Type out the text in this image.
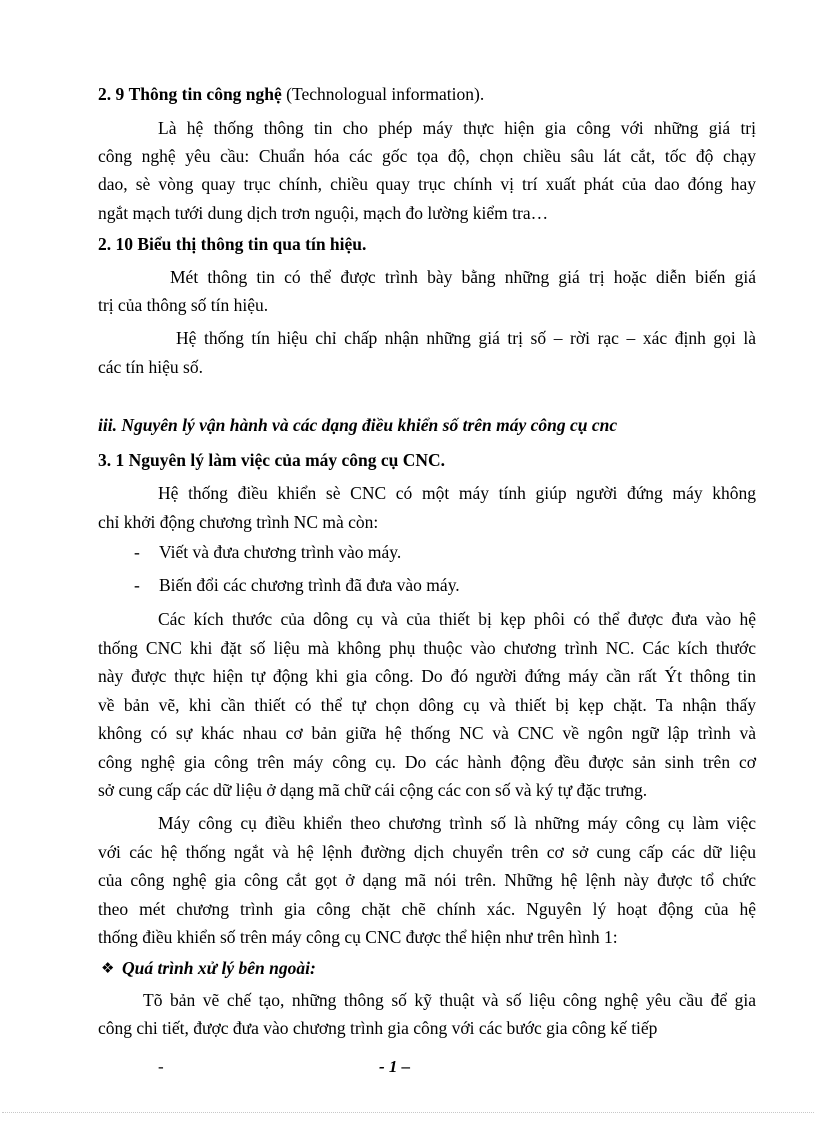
2. 9 Thông tin công nghệ (Technologual information).
Là hệ thống thông tin cho phép máy thực hiện gia công với những giá trị
công nghệ yêu cầu: Chuẩn hóa các gốc tọa độ, chọn chiều sâu lát cắt, tốc độ chạy
dao, sè vòng quay trục chính, chiều quay trục chính vị trí xuất phát của dao đóng hay
ngắt mạch tưới dung dịch trơn nguội, mạch đo lường kiểm tra…
2. 10 Biểu thị thông tin qua tín hiệu.
Mét thông tin có thể được trình bày bằng những giá trị hoặc diễn biến giá
trị của thông số tín hiệu.
Hệ thống tín hiệu chỉ chấp nhận những giá trị số – rời rạc – xác định gọi là
các tín hiệu số.
iii. Nguyên lý vận hành và các dạng điều khiển số trên máy công cụ cnc
3. 1 Nguyên lý làm việc của máy công cụ CNC.
Hệ thống điều khiển sè CNC có một máy tính giúp người đứng máy không
chỉ khởi động chương trình NC mà còn:
- Viết và đưa chương trình vào máy.
- Biến đổi các chương trình đã đưa vào máy.
Các kích thước của dông cụ và của thiết bị kẹp phôi có thể được đưa vào hệ
thống CNC khi đặt số liệu mà không phụ thuộc vào chương trình NC. Các kích thước
này được thực hiện tự động khi gia công. Do đó người đứng máy cần rất Ýt thông tin
về bản vẽ, khi cần thiết có thể tự chọn dông cụ và thiết bị kẹp chặt. Ta nhận thấy
không có sự khác nhau cơ bản giữa hệ thống NC và CNC về ngôn ngữ lập trình và
công nghệ gia công trên máy công cụ. Do các hành động đều được sản sinh trên cơ
sở cung cấp các dữ liệu ở dạng mã chữ cái cộng các con số và ký tự đặc trưng.
Máy công cụ điều khiển theo chương trình số là những máy công cụ làm việc
với các hệ thống ngắt và hệ lệnh đường dịch chuyển trên cơ sở cung cấp các dữ liệu
của công nghệ gia công cắt gọt ở dạng mã nói trên. Những hệ lệnh này được tổ chức
theo mét chương trình gia công chặt chẽ chính xác. Nguyên lý hoạt động của hệ
thống điều khiển số trên máy công cụ CNC được thể hiện như trên hình 1:
❖ Quá trình xử lý bên ngoài:
Tõ bản vẽ chế tạo, những thông số kỹ thuật và số liệu công nghệ yêu cầu để gia
công chi tiết, được đưa vào chương trình gia công với các bước gia công kế tiếp
-	- 1 –
